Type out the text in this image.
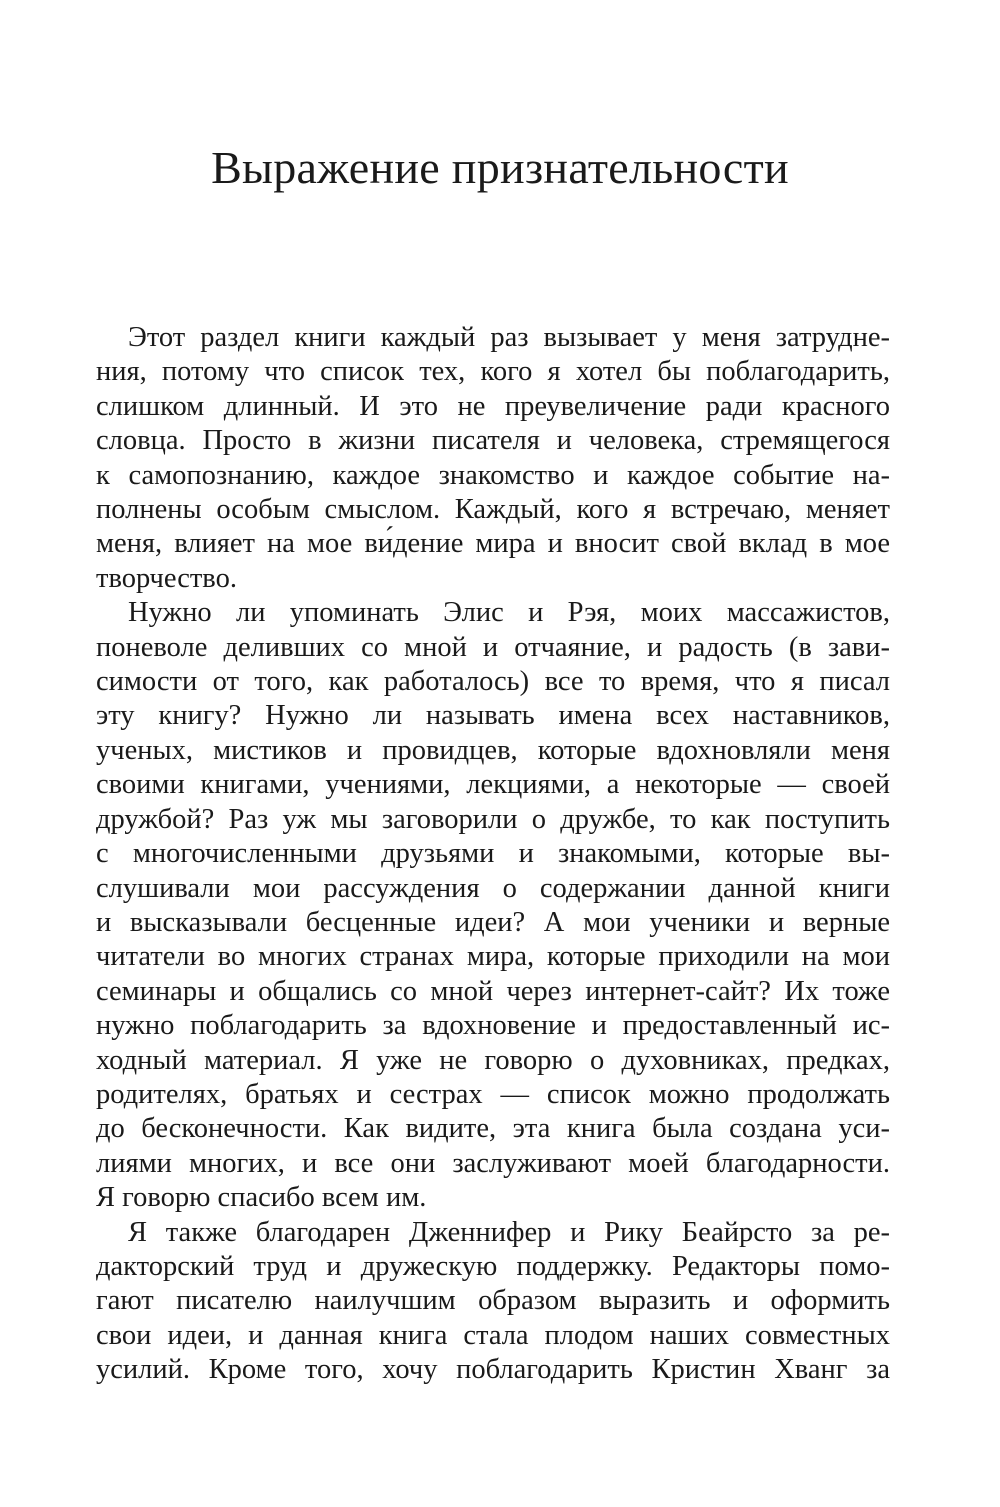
Выражение признательности

Этот раздел книги каждый раз вызывает у меня затрудне-
ния, потому что список тех, кого я хотел бы поблагодарить,
слишком длинный. И это не преувеличение ради красного
словца. Просто в жизни писателя и человека, стремящегося
к самопознанию, каждое знакомство и каждое событие на-
полнены особым смыслом. Каждый, кого я встречаю, меняет
меня, влияет на мое ви́дение мира и вносит свой вклад в мое
творчество.

Нужно ли упоминать Элис и Рэя, моих массажистов,
поневоле деливших со мной и отчаяние, и радость (в зави-
симости от того, как работалось) все то время, что я писал
эту книгу? Нужно ли называть имена всех наставников,
ученых, мистиков и провидцев, которые вдохновляли меня
своими книгами, учениями, лекциями, а некоторые — своей
дружбой? Раз уж мы заговорили о дружбе, то как поступить
с многочисленными друзьями и знакомыми, которые вы-
слушивали мои рассуждения о содержании данной книги
и высказывали бесценные идеи? А мои ученики и верные
читатели во многих странах мира, которые приходили на мои
семинары и общались со мной через интернет-сайт? Их тоже
нужно поблагодарить за вдохновение и предоставленный ис-
ходный материал. Я уже не говорю о духовниках, предках,
родителях, братьях и сестрах — список можно продолжать
до бесконечности. Как видите, эта книга была создана уси-
лиями многих, и все они заслуживают моей благодарности.
Я говорю спасибо всем им.

Я также благодарен Дженнифер и Рику Беайрсто за ре-
дакторский труд и дружескую поддержку. Редакторы помо-
гают писателю наилучшим образом выразить и оформить
свои идеи, и данная книга стала плодом наших совместных
усилий. Кроме того, хочу поблагодарить Кристин Хванг за
